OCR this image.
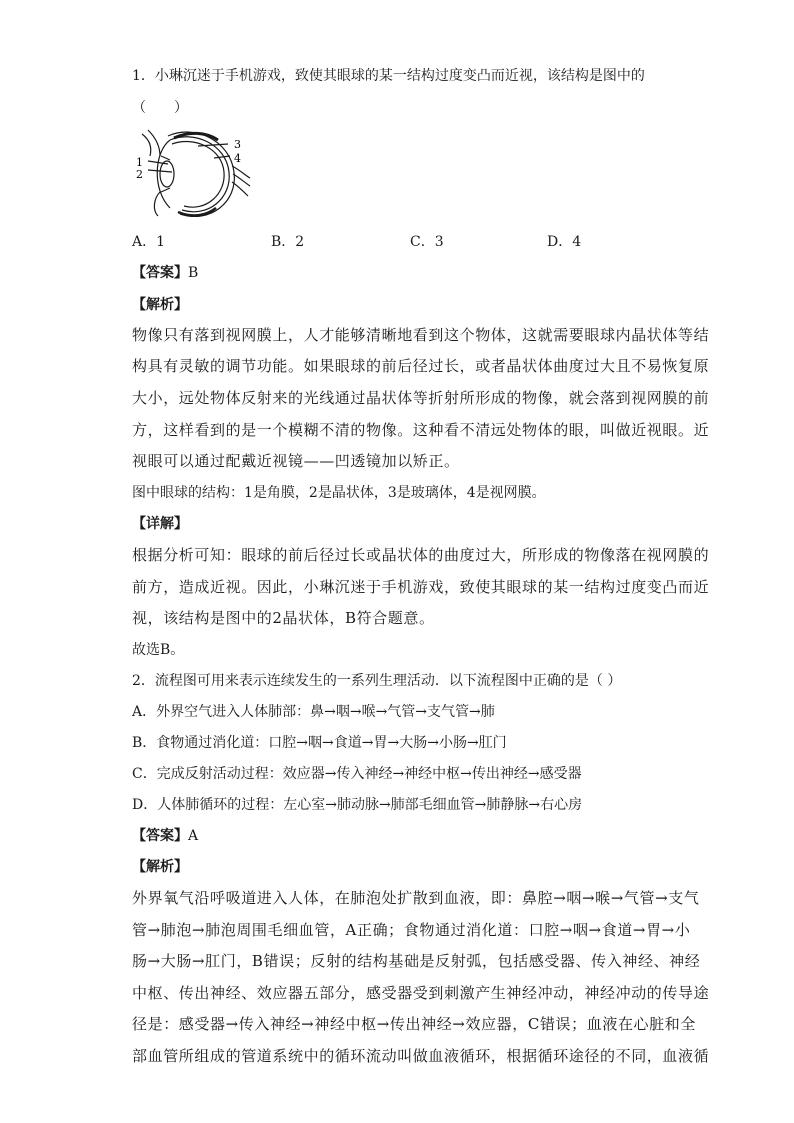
1．小琳沉迷于手机游戏，致使其眼球的某一结构过度变凸而近视，该结构是图中的
（　　）
1
2
3
4
A．1	B．2	C．3	D．4
【答案】B
【解析】
物像只有落到视网膜上，人才能够清晰地看到这个物体，这就需要眼球内晶状体等结
构具有灵敏的调节功能。如果眼球的前后径过长，或者晶状体曲度过大且不易恢复原
大小，远处物体反射来的光线通过晶状体等折射所形成的物像，就会落到视网膜的前
方，这样看到的是一个模糊不清的物像。这种看不清远处物体的眼，叫做近视眼。近
视眼可以通过配戴近视镜——凹透镜加以矫正。
图中眼球的结构：1是角膜，2是晶状体，3是玻璃体，4是视网膜。
【详解】
根据分析可知：眼球的前后径过长或晶状体的曲度过大，所形成的物像落在视网膜的
前方，造成近视。因此，小琳沉迷于手机游戏，致使其眼球的某一结构过度变凸而近
视，该结构是图中的2晶状体，B符合题意。
故选B。
2．流程图可用来表示连续发生的一系列生理活动．以下流程图中正确的是（ ）
A．外界空气进入人体肺部：鼻→咽→喉→气管→支气管→肺
B．食物通过消化道：口腔→咽→食道→胃→大肠→小肠→肛门
C．完成反射活动过程：效应器→传入神经→神经中枢→传出神经→感受器
D．人体肺循环的过程：左心室→肺动脉→肺部毛细血管→肺静脉→右心房
【答案】A
【解析】
外界氧气沿呼吸道进入人体，在肺泡处扩散到血液，即：鼻腔→咽→喉→气管→支气
管→肺泡→肺泡周围毛细血管，A正确；食物通过消化道：口腔→咽→食道→胃→小
肠→大肠→肛门，B错误；反射的结构基础是反射弧，包括感受器、传入神经、神经
中枢、传出神经、效应器五部分，感受器受到刺激产生神经冲动，神经冲动的传导途
径是：感受器→传入神经→神经中枢→传出神经→效应器，C错误；血液在心脏和全
部血管所组成的管道系统中的循环流动叫做血液循环，根据循环途径的不同，血液循
